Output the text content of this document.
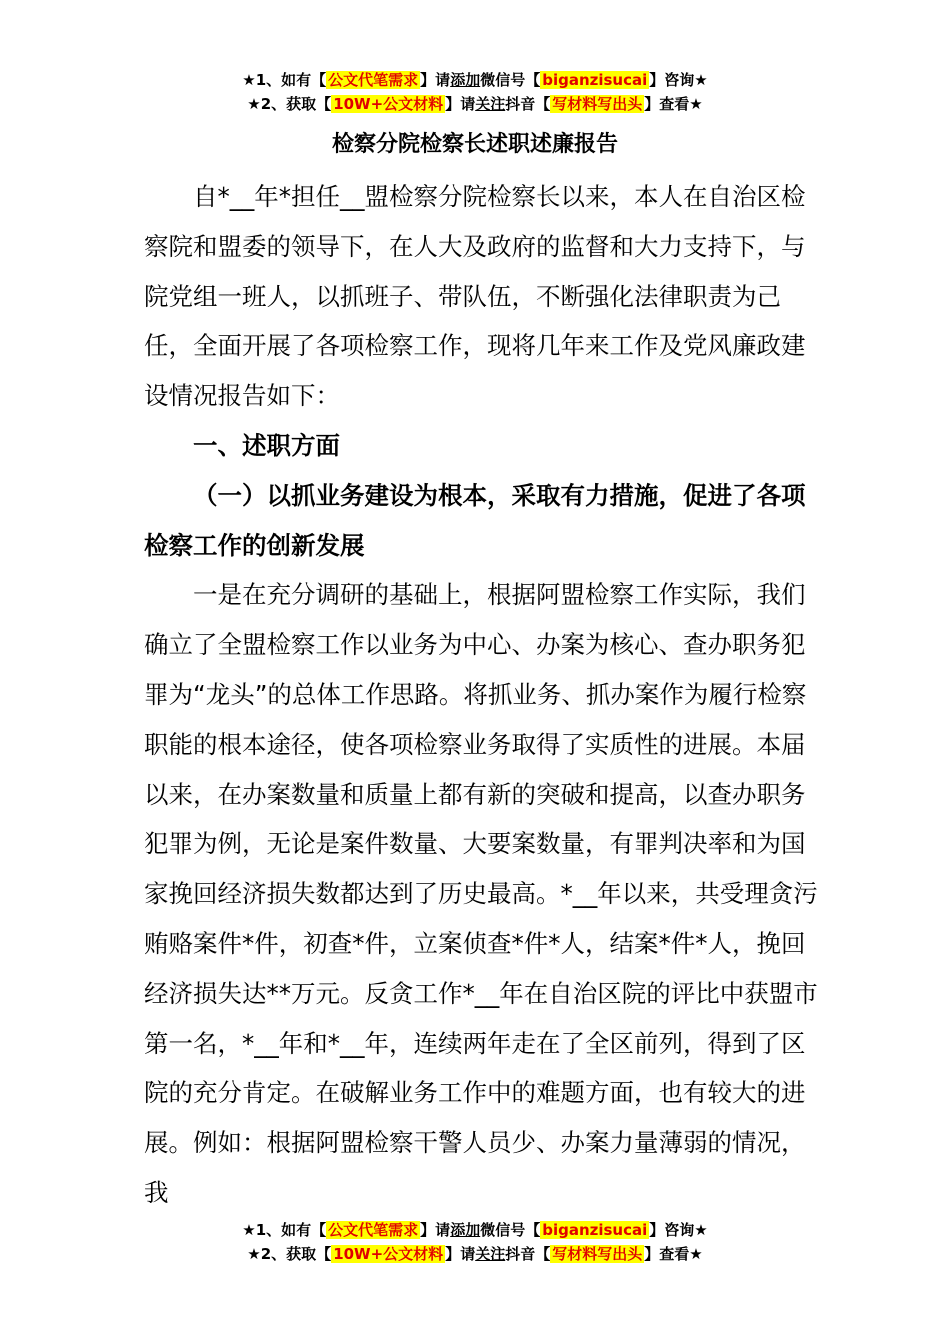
★1、如有【 公文代笔需求 】请添加微信号【 biganzisucai 】咨询★
★2、获取【 10W+公文材料 】请关注抖音【 写材料写出头 】查看★
检察分院检察长述职述廉报告

自*__年*担任__盟检察分院检察长以来，本人在自治区检察院和盟委的领导下，在人大及政府的监督和大力支持下，与院党组一班人，以抓班子、带队伍，不断强化法律职责为己任，全面开展了各项检察工作，现将几年来工作及党风廉政建设情况报告如下：

一、述职方面

（一）以抓业务建设为根本，采取有力措施，促进了各项检察工作的创新发展

一是在充分调研的基础上，根据阿盟检察工作实际，我们确立了全盟检察工作以业务为中心、办案为核心、查办职务犯罪为“龙头”的总体工作思路。将抓业务、抓办案作为履行检察职能的根本途径，使各项检察业务取得了实质性的进展。本届以来，在办案数量和质量上都有新的突破和提高，以查办职务犯罪为例，无论是案件数量、大要案数量，有罪判决率和为国家挽回经济损失数都达到了历史最高。*__年以来，共受理贪污贿赂案件*件，初查*件，立案侦查*件*人，结案*件*人，挽回经济损失达**万元。反贪工作*__年在自治区院的评比中获盟市第一名，*__年和*__年，连续两年走在了全区前列，得到了区院的充分肯定。在破解业务工作中的难题方面，也有较大的进展。例如：根据阿盟检察干警人员少、办案力量薄弱的情况，我

★1、如有【 公文代笔需求 】请添加微信号【 biganzisucai 】咨询★
★2、获取【 10W+公文材料 】请关注抖音【 写材料写出头 】查看★
